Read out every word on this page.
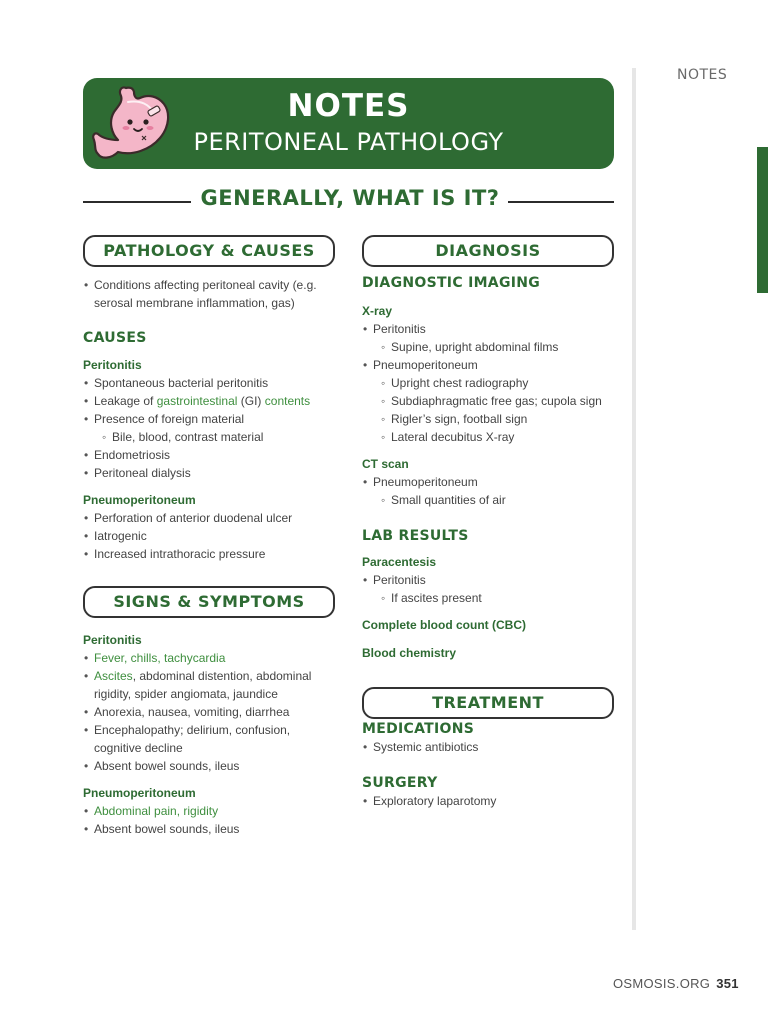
NOTES
NOTES
PERITONEAL PATHOLOGY
GENERALLY, WHAT IS IT?
PATHOLOGY & CAUSES	DIAGNOSIS
SIGNS & SYMPTOMS
TREATMENT
• Conditions affecting peritoneal cavity (e.g. serosal membrane inflammation, gas)
CAUSES
Peritonitis
• Spontaneous bacterial peritonitis
• Leakage of gastrointestinal (GI) contents
• Presence of foreign material
◦ Bile, blood, contrast material
• Endometriosis
• Peritoneal dialysis
Pneumoperitoneum
• Perforation of anterior duodenal ulcer
• Iatrogenic
• Increased intrathoracic pressure
Peritonitis
• Fever, chills, tachycardia
• Ascites, abdominal distention, abdominal rigidity, spider angiomata, jaundice
• Anorexia, nausea, vomiting, diarrhea
• Encephalopathy; delirium, confusion, cognitive decline
• Absent bowel sounds, ileus
Pneumoperitoneum
• Abdominal pain, rigidity
• Absent bowel sounds, ileus
DIAGNOSTIC IMAGING
X-ray
• Peritonitis
◦ Supine, upright abdominal films
• Pneumoperitoneum
◦ Upright chest radiography
◦ Subdiaphragmatic free gas; cupola sign
◦ Rigler’s sign, football sign
◦ Lateral decubitus X-ray
CT scan
• Pneumoperitoneum
◦ Small quantities of air
LAB RESULTS
Paracentesis
• Peritonitis
◦ If ascites present
Complete blood count (CBC)
Blood chemistry
MEDICATIONS
• Systemic antibiotics
SURGERY
• Exploratory laparotomy
OSMOSIS.ORG 351
